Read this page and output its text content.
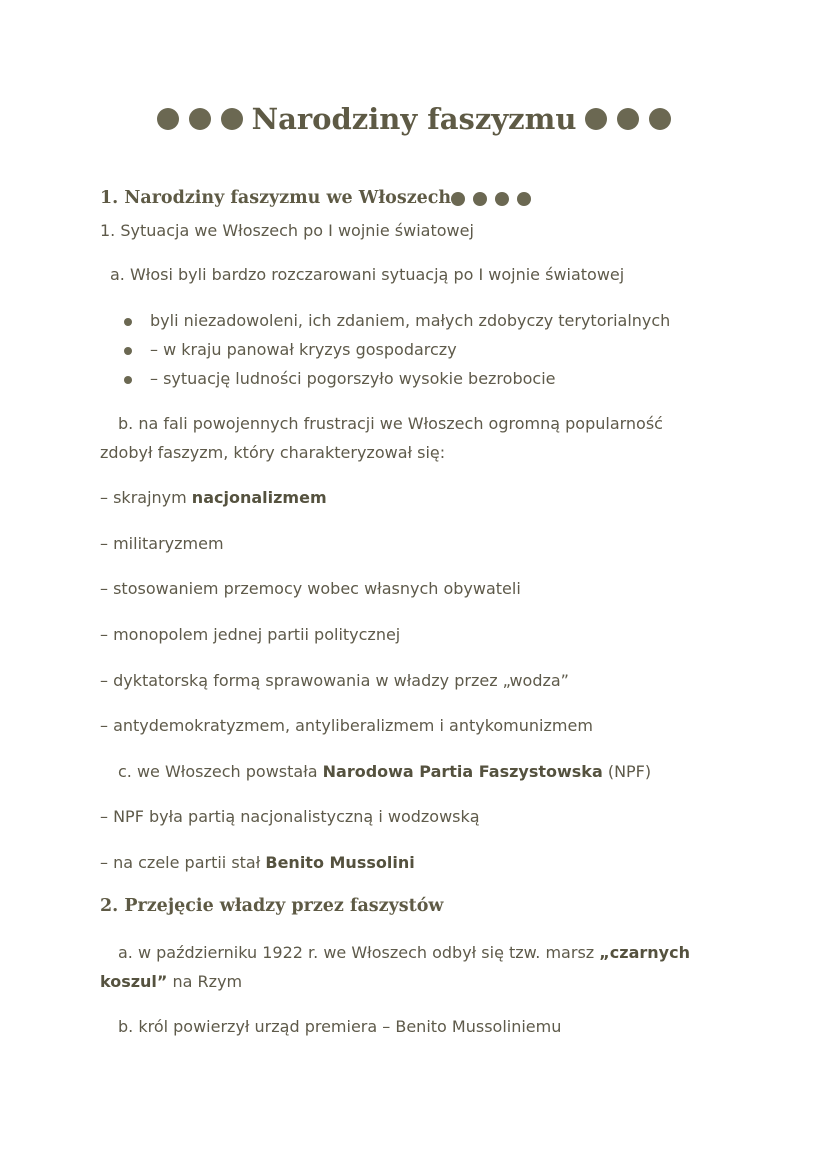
Narodziny faszyzmu
1. Narodziny faszyzmu we Włoszech
1. Sytuacja we Włoszech po I wojnie światowej
a. Włosi byli bardzo rozczarowani sytuacją po I wojnie światowej
byli niezadowoleni, ich zdaniem, małych zdobyczy terytorialnych
– w kraju panował kryzys gospodarczy
– sytuację ludności pogorszyło wysokie bezrobocie
b. na fali powojennych frustracji we Włoszech ogromną popularność
zdobył faszyzm, który charakteryzował się:
– skrajnym nacjonalizmem
– militaryzmem
– stosowaniem przemocy wobec własnych obywateli
– monopolem jednej partii politycznej
– dyktatorską formą sprawowania w władzy przez „wodza”
– antydemokratyzmem, antyliberalizmem i antykomunizmem
c. we Włoszech powstała Narodowa Partia Faszystowska (NPF)
– NPF była partią nacjonalistyczną i wodzowską
– na czele partii stał Benito Mussolini
2. Przejęcie władzy przez faszystów
a. w październiku 1922 r. we Włoszech odbył się tzw. marsz „czarnych
koszul” na Rzym
b. król powierzył urząd premiera – Benito Mussoliniemu
